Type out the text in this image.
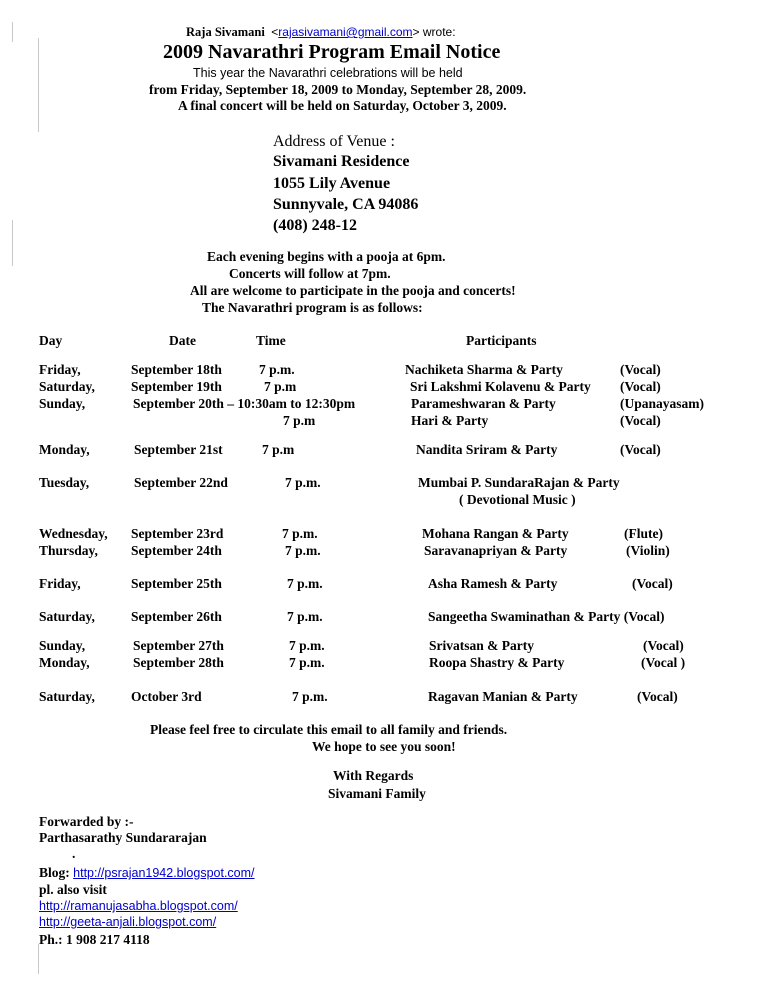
Raja Sivamani  <rajasivamani@gmail.com> wrote:
2009 Navarathri Program Email Notice
This year the Navarathri celebrations will be held
from Friday, September 18, 2009 to Monday, September 28, 2009.
A final concert will be held on Saturday, October 3, 2009.
Address of Venue :
Sivamani Residence
1055 Lily Avenue
Sunnyvale, CA 94086
(408) 248-12
Each evening begins with a pooja at 6pm.
Concerts will follow at 7pm.
All are welcome to participate in the pooja and concerts!
The Navarathri program is as follows:
Day	Date	Time	Participants
Friday,	September 18th	7 p.m.	Nachiketa Sharma & Party	(Vocal)
Saturday,	September 19th	7 p.m	Sri Lakshmi Kolavenu & Party (Vocal)
Sunday,	September 20th – 10:30am to 12:30pm	Parameshwaran & Party	(Upanayasam)
7 p.m	Hari & Party	(Vocal)
Monday,	September 21st	7 p.m	Nandita Sriram & Party	(Vocal)
Tuesday,	September 22nd	7 p.m.	Mumbai P. SundaraRajan & Party
( Devotional Music )
Wednesday, September 23rd	7 p.m.	Mohana Rangan & Party	(Flute)
Thursday, September 24th	7 p.m.	Saravanapriyan & Party	(Violin)
Friday,	September 25th	7 p.m.	Asha Ramesh & Party	(Vocal)
Saturday,	September 26th	7 p.m.	Sangeetha Swaminathan & Party (Vocal)
Sunday,	September 27th	7 p.m.	Srivatsan & Party	(Vocal)
Monday,	September 28th	7 p.m.	Roopa Shastry & Party	(Vocal )
Saturday,	October 3rd	7 p.m.	Ragavan Manian & Party	(Vocal)
Please feel free to circulate this email to all family and friends.
We hope to see you soon!
With Regards
Sivamani Family
Forwarded by :-
Parthasarathy Sundararajan
.
Blog: http://psrajan1942.blogspot.com/
pl. also visit
http://ramanujasabha.blogspot.com/
http://geeta-anjali.blogspot.com/
Ph.: 1 908 217 4118
